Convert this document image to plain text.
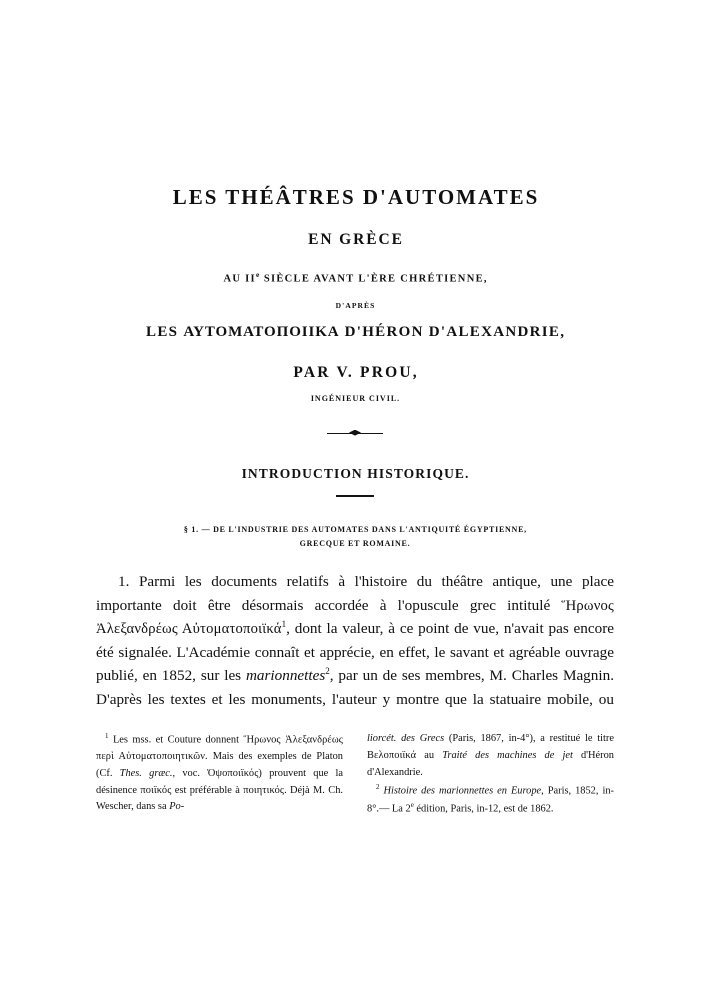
LES THÉÂTRES D'AUTOMATES
EN GRÈCE
AU IIe SIÈCLE AVANT L'ÈRE CHRÉTIENNE,
D'APRÈS
LES ΑΥΤΟΜΑΤΟΠΟΙΙΚΑ D'HÉRON D'ALEXANDRIE,
PAR V. PROU,
INGÉNIEUR CIVIL.
INTRODUCTION HISTORIQUE.
§ 1. — DE L'INDUSTRIE DES AUTOMATES DANS L'ANTIQUITÉ ÉGYPTIENNE,
GRECQUE ET ROMAINE.

1. Parmi les documents relatifs à l'histoire du théâtre antique, une place importante doit être désormais accordée à l'opuscule grec intitulé Ἥρωνος Ἀλεξανδρέως Αὐτοματοποιϊκά$^1$, dont la valeur, à ce point de vue, n'avait pas encore été signalée. L'Académie connaît et apprécie, en effet, le savant et agréable ouvrage publié, en 1852, sur les marionnettes$^2$, par un de ses membres, M. Charles Magnin. D'après les textes et les monuments, l'auteur y montre que la statuaire mobile, ou

$^1$ Les mss. et Couture donnent Ἥρωνος Ἀλεξανδρέως περὶ Αὐτοματοποιητικῶν. Mais des exemples de Platon (Cf. Thes. græc., voc. Ὀψοποιϊκός) prouvent que la désinence ποιϊκός est préférable à ποιητικός. Déjà M. Ch. Wescher, dans sa Po-

liorcét. des Grecs (Paris, 1867, in-4°), a restitué le titre Βελοποιϊκά au Traité des machines de jet d'Héron d'Alexandrie.

$^2$ Histoire des marionnettes en Europe, Paris, 1852, in-8°.— La 2e édition, Paris, in-12, est de 1862.
